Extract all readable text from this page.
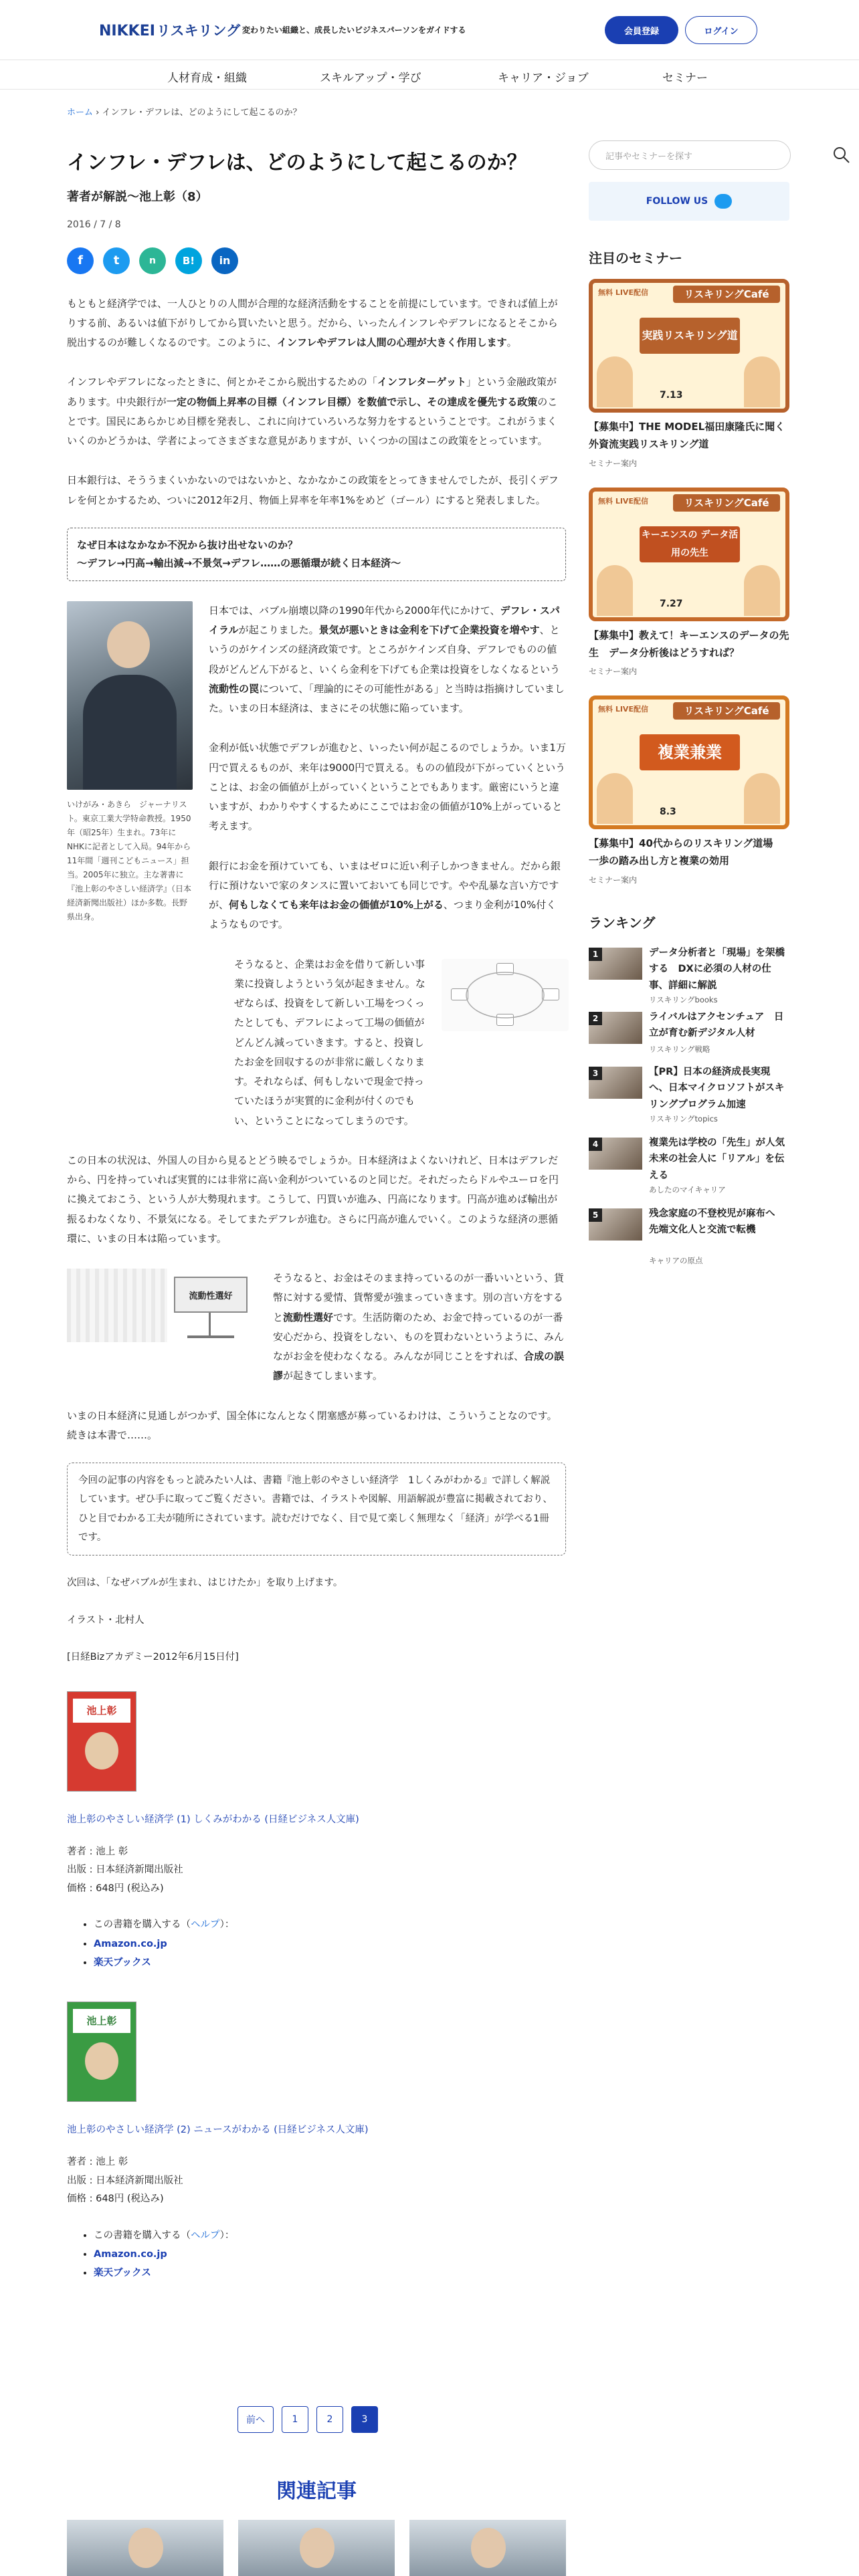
NIKKEI リスキリング 変わりたい組織と、成長したいビジネスパーソンをガイドする	会員登録	ログイン
人材育成・組織	スキルアップ・学び	キャリア・ジョブ	セミナー
ホーム › インフレ・デフレは、どのようにして起こるのか？
インフレ・デフレは、どのようにして起こるのか？
著者が解説〜池上彰（8）
2016 / 7 / 8
f	t	n	B!	in

もともと経済学では、一人ひとりの人間が合理的な経済活動をすることを前提にしています。できれば値上がりする前、あるいは値下がりしてから買いたいと思う。だから、いったんインフレやデフレになるとそこから脱出するのが難しくなるのです。このように、インフレやデフレは人間の心理が大きく作用します。

インフレやデフレになったときに、何とかそこから脱出するための「インフレターゲット」という金融政策があります。中央銀行が一定の物価上昇率の目標（インフレ目標）を数値で示し、その達成を優先する政策のことです。国民にあらかじめ目標を発表し、これに向けていろいろな努力をするということです。これがうまくいくのかどうかは、学者によってさまざまな意見がありますが、いくつかの国はこの政策をとっています。

日本銀行は、そううまくいかないのではないかと、なかなかこの政策をとってきませんでしたが、長引くデフレを何とかするため、ついに2012年2月、物価上昇率を年率1%をめど（ゴール）にすると発表しました。

なぜ日本はなかなか不況から抜け出せないのか？
〜デフレ→円高→輸出減→不景気→デフレ……の悪循環が続く日本経済〜
いけがみ・あきら　ジャーナリスト。東京工業大学特命教授。1950年（昭25年）生まれ。73年にNHKに記者として入局。94年から11年間「週刊こどもニュース」担当。2005年に独立。主な著書に『池上彰のやさしい経済学』（日本経済新聞出版社）ほか多数。長野県出身。

日本では、バブル崩壊以降の1990年代から2000年代にかけて、デフレ・スパイラルが起こりました。景気が悪いときは金利を下げて企業投資を増やす、というのがケインズの経済政策です。ところがケインズ自身、デフレでものの値段がどんどん下がると、いくら金利を下げても企業は投資をしなくなるという流動性の罠について、「理論的にその可能性がある」と当時は指摘けしていました。いまの日本経済は、まさにその状態に陥っています。

金利が低い状態でデフレが進むと、いったい何が起こるのでしょうか。いま1万円で買えるものが、来年は9000円で買える。ものの値段が下がっていくということは、お金の価値が上がっていくということでもあります。厳密にいうと違いますが、わかりやすくするためにここではお金の価値が10%上がっていると考えます。

銀行にお金を預けていても、いまはゼロに近い利子しかつきません。だから銀行に預けないで家のタンスに置いておいても同じです。やや乱暴な言い方ですが、何もしなくても来年はお金の価値が10%上がる、つまり金利が10%付くようなものです。

そうなると、企業はお金を借りて新しい事業に投資しようという気が起きません。なぜならば、投資をして新しい工場をつくったとしても、デフレによって工場の価値がどんどん減っていきます。すると、投資したお金を回収するのが非常に厳しくなります。それならば、何もしないで現金で持っていたほうが実質的に金利が付くのでもい、ということになってしまうのです。

この日本の状況は、外国人の目から見るとどう映るでしょうか。日本経済はよくないけれど、日本はデフレだから、円を持っていれば実質的には非常に高い金利がついているのと同じだ。それだったらドルやユーロを円に換えておこう、という人が大勢現れます。こうして、円買いが進み、円高になります。円高が進めば輸出が振るわなくなり、不景気になる。そしてまたデフレが進む。さらに円高が進んでいく。このような経済の悪循環に、いまの日本は陥っています。

流動性選好

そうなると、お金はそのまま持っているのが一番いいという、貨幣に対する愛情、貨幣愛が強まっていきます。別の言い方をすると流動性選好です。生活防衛のため、お金で持っているのが一番安心だから、投資をしない、ものを買わないというように、みんながお金を使わなくなる。みんなが同じことをすれば、合成の誤謬が起きてしまいます。

いまの日本経済に見通しがつかず、国全体になんとなく閉塞感が募っているわけは、こういうことなのです。続きは本書で……。

今回の記事の内容をもっと読みたい人は、書籍『池上彰のやさしい経済学　1しくみがわかる』で詳しく解説しています。ぜひ手に取ってご覧ください。書籍では、イラストや図解、用語解説が豊富に掲載されており、ひと目でわかる工夫が随所にされています。読むだけでなく、目で見て楽しく無理なく「経済」が学べる1冊です。

次回は、「なぜバブルが生まれ、はじけたか」を取り上げます。

イラスト・北村人

[日経Bizアカデミー2012年6月15日付]

池上彰
池上彰のやさしい経済学 (1) しくみがわかる (日経ビジネス人文庫)
著者 : 池上 彰
出版 : 日本経済新聞出版社
価格 : 648円 (税込み)
• この書籍を購入する（ヘルプ）：
• Amazon.co.jp
• 楽天ブックス
池上彰
池上彰のやさしい経済学 (2) ニュースがわかる (日経ビジネス人文庫)
著者 : 池上 彰
出版 : 日本経済新聞出版社
価格 : 648円 (税込み)
• この書籍を購入する（ヘルプ）：
• Amazon.co.jp
• 楽天ブックス
前へ	1	2	3
関連記事
記事やセミナーを探す
FOLLOW US
注目のセミナー
無料 LIVE配信	リスキリングCafé
実践リスキリング道
7.13
【募集中】THE MODEL福田康隆氏に聞く　外資流実践リスキリング道
セミナー案内
無料 LIVE配信	リスキリングCafé
キーエンスの データ活用の先生
7.27
【募集中】教えて！キーエンスのデータの先生　データ分析後はどうすれば？
セミナー案内
無料 LIVE配信	リスキリングCafé
複業兼業
8.3
【募集中】40代からのリスキリング道場　一歩の踏み出し方と複業の効用
セミナー案内
ランキング
1	データ分析者と「現場」を架橋する　DXに必須の人材の仕事、詳細に解説
リスキリングbooks
2	ライバルはアクセンチュア　日立が育む新デジタル人材
リスキリング戦略
3	【PR】日本の経済成長実現へ、日本マイクロソフトがスキリングプログラム加速
リスキリングtopics
4	複業先は学校の「先生」が人気　未来の社会人に「リアル」を伝える
あしたのマイキャリア
5	残念家庭の不登校児が麻布へ　先端文化人と交流で転機
キャリアの原点
